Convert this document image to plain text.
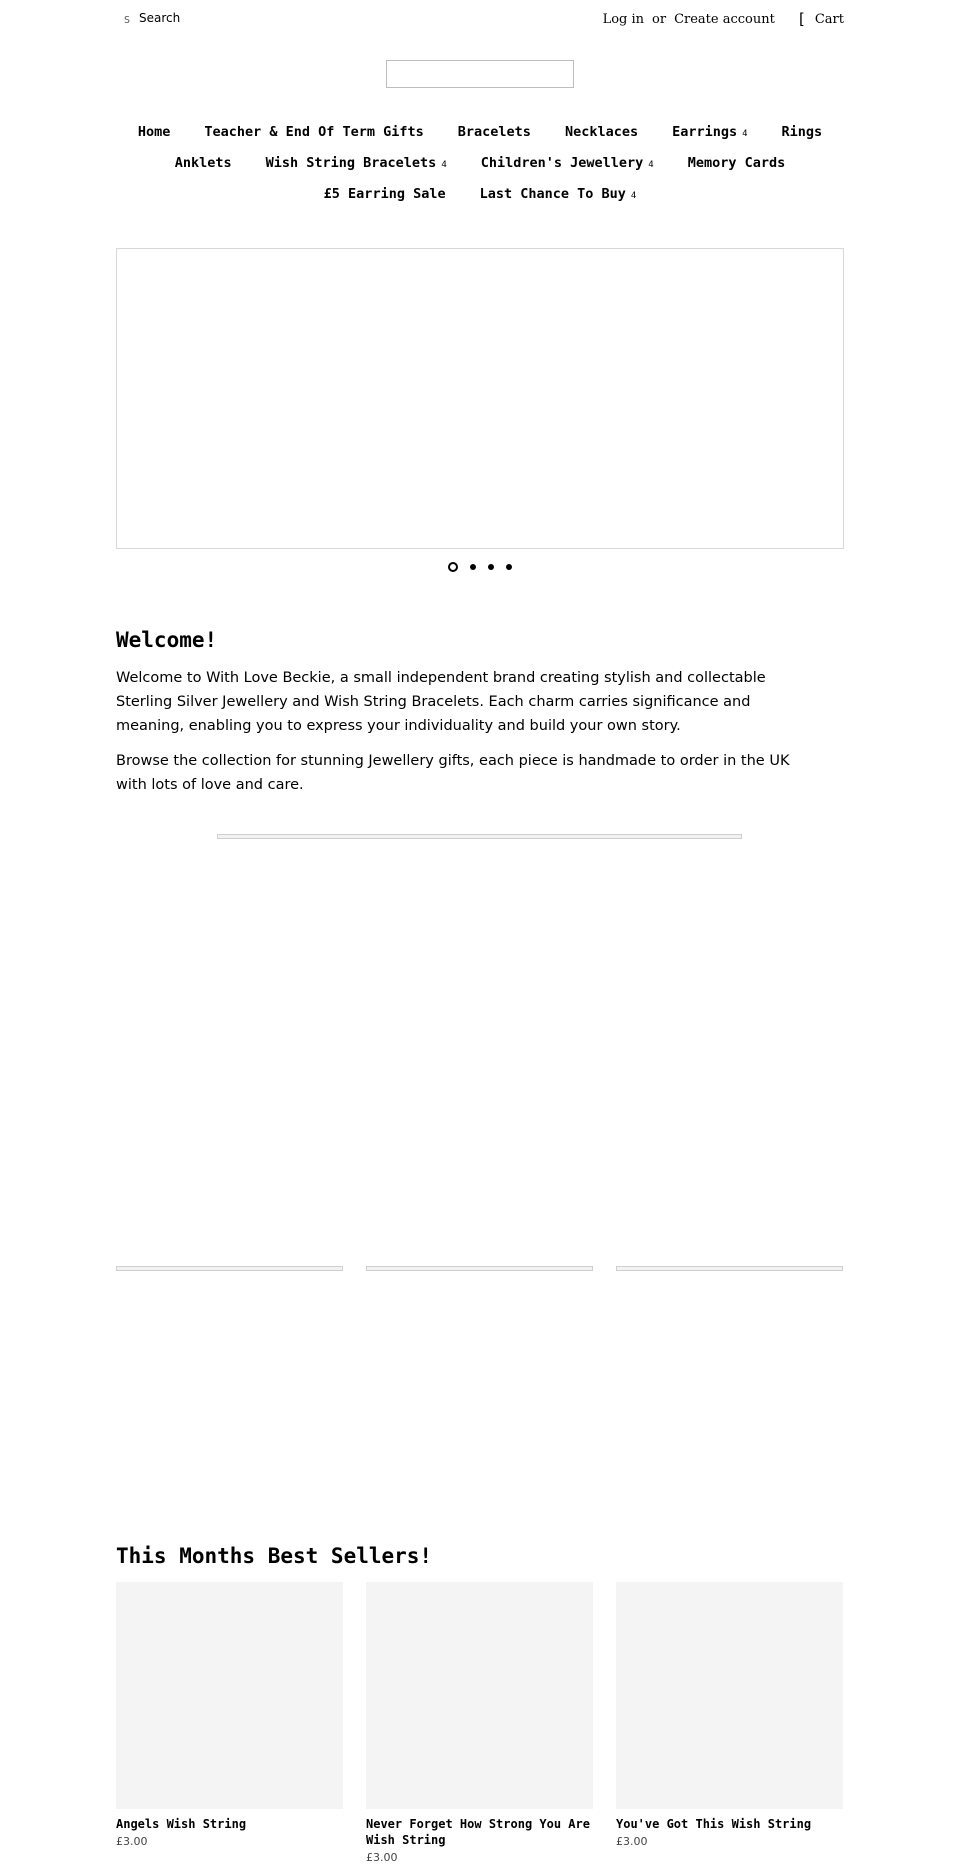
S
Search	Log in or Create account [ Cart
Home	Teacher & End Of Term Gifts	Bracelets	Necklaces	Earrings 4	Rings
Anklets	Wish String Bracelets 4	Children's Jewellery 4	Memory Cards
£5 Earring Sale	Last Chance To Buy 4
Welcome!

Welcome to With Love Beckie, a small independent brand creating stylish and collectable Sterling Silver Jewellery and Wish String Bracelets. Each charm carries significance and meaning, enabling you to express your individuality and build your own story.

Browse the collection for stunning Jewellery gifts, each piece is handmade to order in the UK with lots of love and care.

This Months Best Sellers!
Angels Wish String
£3.00
Never Forget How Strong You Are Wish String
£3.00
You've Got This Wish String
£3.00
